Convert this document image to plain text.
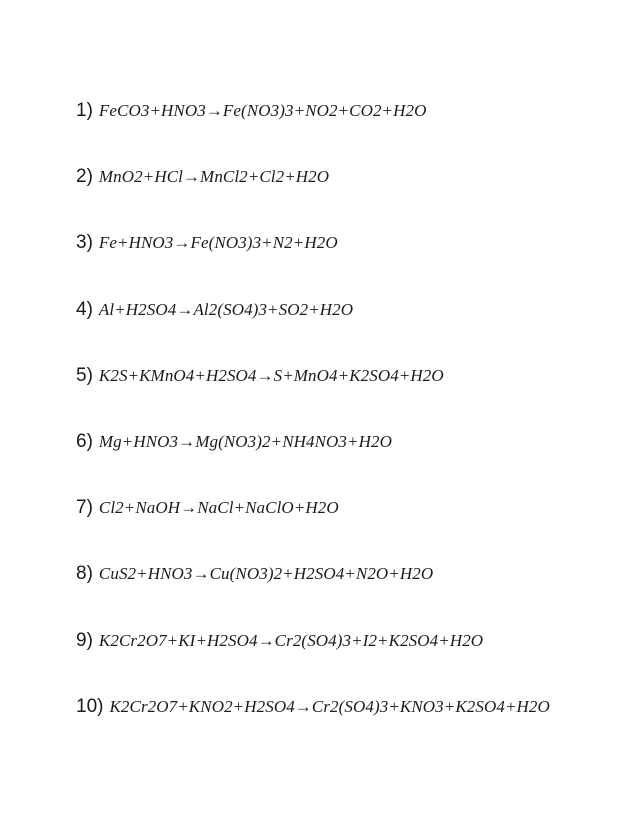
1) FeCO3+HNO3→Fe(NO3)3+NO2+CO2+H2O
2) MnO2+HCl→MnCl2+Cl2+H2O
3) Fe+HNO3→Fe(NO3)3+N2+H2O
4) Al+H2SO4→Al2(SO4)3+SO2+H2O
5) K2S+KMnO4+H2SO4→S+MnO4+K2SO4+H2O
6) Mg+HNO3→Mg(NO3)2+NH4NO3+H2O
7) Cl2+NaOH→NaCl+NaClO+H2O
8) CuS2+HNO3→Cu(NO3)2+H2SO4+N2O+H2O
9) K2Cr2O7+KI+H2SO4→Cr2(SO4)3+I2+K2SO4+H2O
10) K2Cr2O7+KNO2+H2SO4→Cr2(SO4)3+KNO3+K2SO4+H2O
